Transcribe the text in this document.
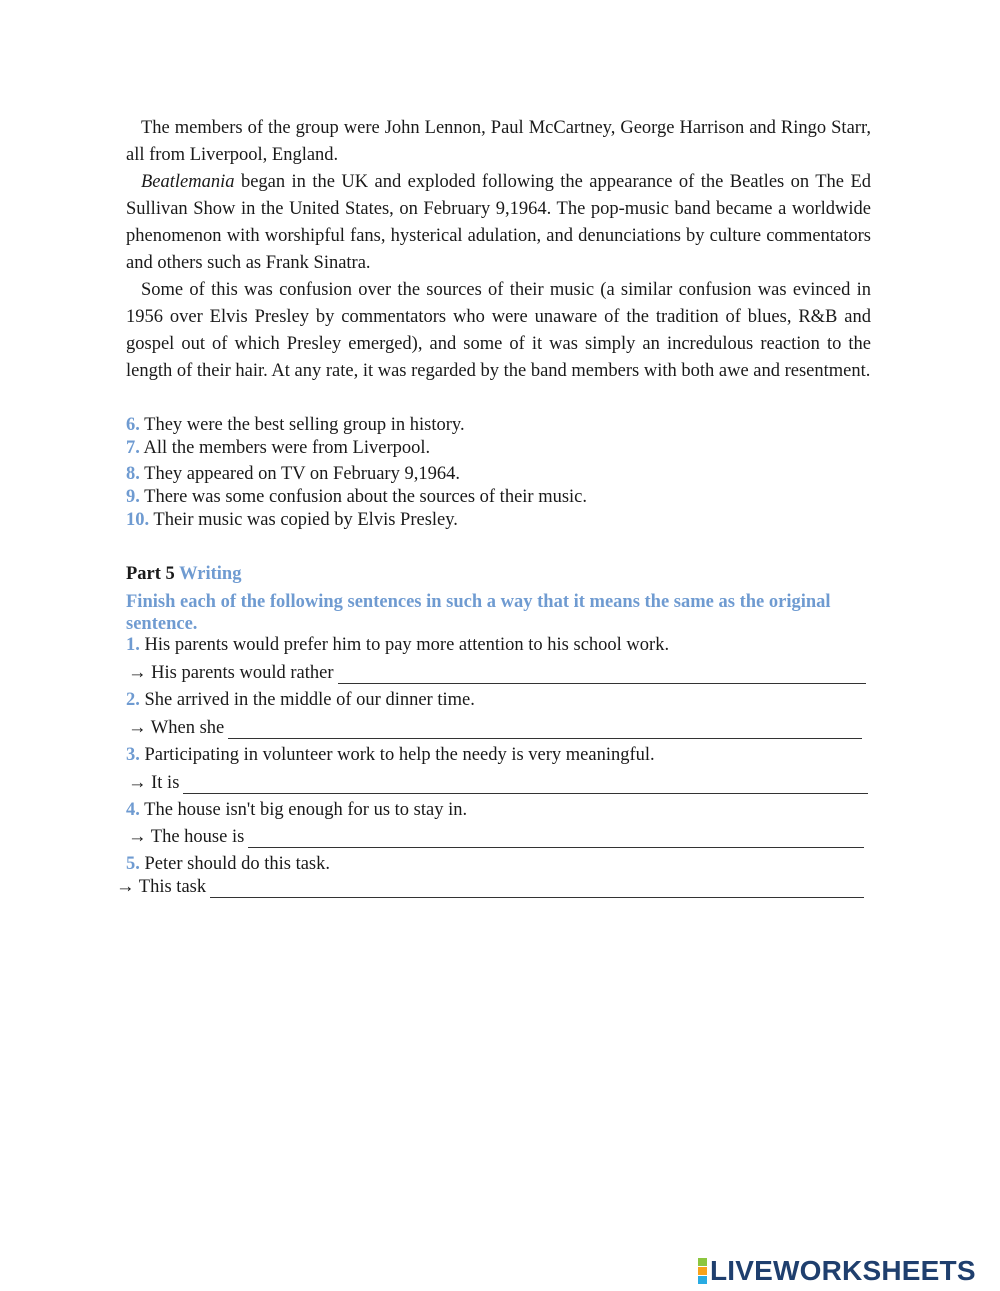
The members of the group were John Lennon, Paul McCartney, George Harrison and Ringo Starr, all from Liverpool, England.

Beatlemania began in the UK and exploded following the appearance of the Beatles on The Ed Sullivan Show in the United States, on February 9,1964. The pop-music band became a worldwide phenomenon with worshipful fans, hysterical adulation, and denunciations by culture commentators and others such as Frank Sinatra.

Some of this was confusion over the sources of their music (a similar confusion was evinced in 1956 over Elvis Presley by commentators who were unaware of the tradition of blues, R&B and gospel out of which Presley emerged), and some of it was simply an incredulous reaction to the length of their hair. At any rate, it was regarded by the band members with both awe and resentment.

6. They were the best selling group in history.

7. All the members were from Liverpool.

8. They appeared on TV on February 9,1964.

9. There was some confusion about the sources of their music.

10. Their music was copied by Elvis Presley.

Part 5 Writing

Finish each of the following sentences in such a way that it means the same as the original sentence.

1. His parents would prefer him to pay more attention to his school work.

→ His parents would rather

2. She arrived in the middle of our dinner time.

→ When she

3. Participating in volunteer work to help the needy is very meaningful.

→ It is

4. The house isn't big enough for us to stay in.

→ The house is

5. Peter should do this task.

→ This task
LIVEWORKSHEETS
